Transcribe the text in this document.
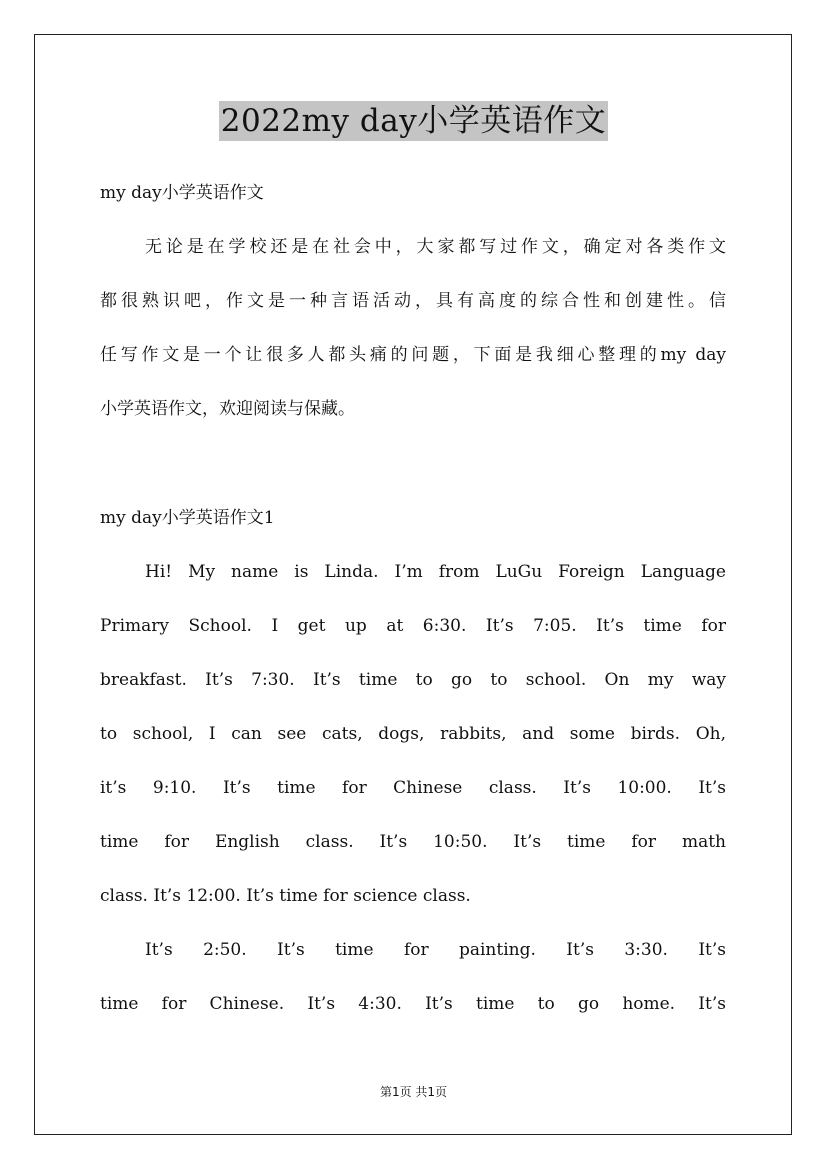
2022my day小学英语作文
my day小学英语作文
无论是在学校还是在社会中，大家都写过作文，确定对各类作文
都很熟识吧，作文是一种言语活动，具有高度的综合性和创建性。信
任写作文是一个让很多人都头痛的问题，下面是我细心整理的my day
小学英语作文，欢迎阅读与保藏。
my day小学英语作文1
Hi! My name is Linda. I’m from LuGu Foreign Language
Primary School. I get up at 6:30. It’s 7:05. It’s time for
breakfast. It’s 7:30. It’s time to go to school. On my way
to school, I can see cats, dogs, rabbits, and some birds. Oh,
it’s 9:10. It’s time for Chinese class. It’s 10:00. It’s
time for English class. It’s 10:50. It’s time for math
class. It’s 12:00. It’s time for science class.
It’s 2:50. It’s time for painting. It’s 3:30. It’s
time for Chinese. It’s 4:30. It’s time to go home. It’s
第1页 共1页
